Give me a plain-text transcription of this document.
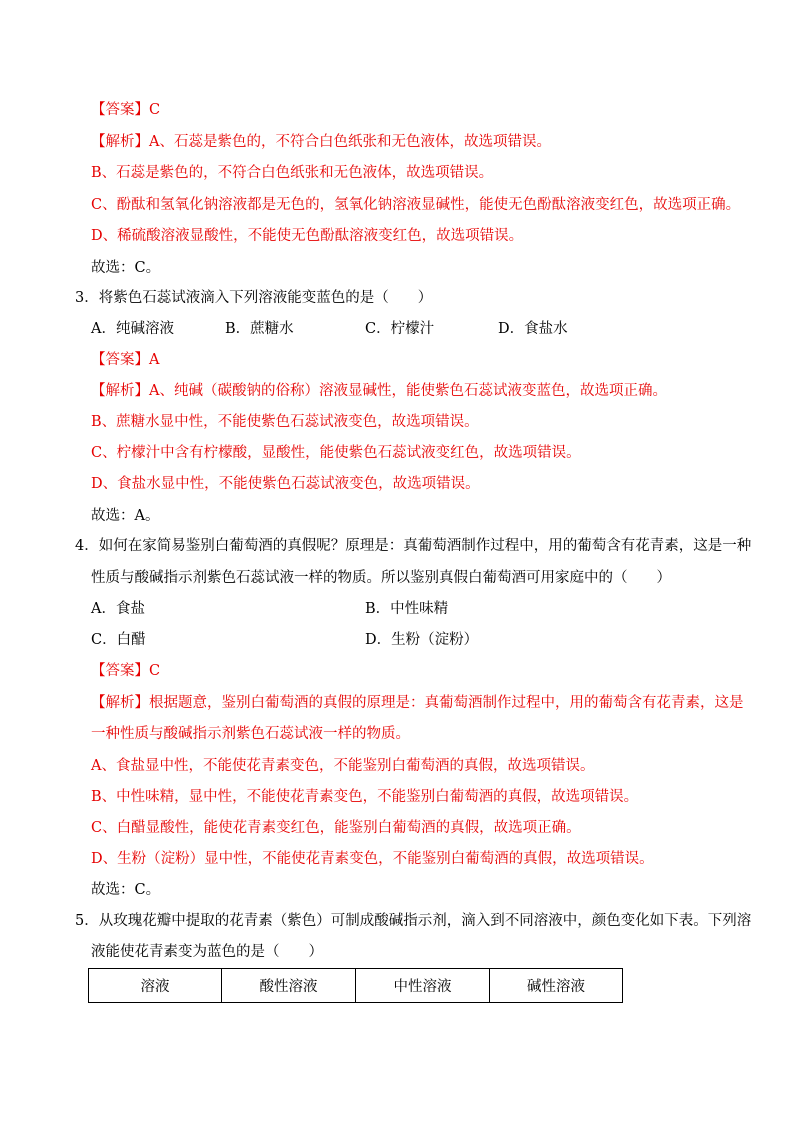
【答案】C
【解析】A、石蕊是紫色的，不符合白色纸张和无色液体，故选项错误。
B、石蕊是紫色的，不符合白色纸张和无色液体，故选项错误。
C、酚酞和氢氧化钠溶液都是无色的，氢氧化钠溶液显碱性，能使无色酚酞溶液变红色，故选项正确。
D、稀硫酸溶液显酸性，不能使无色酚酞溶液变红色，故选项错误。
故选：C。
3．将紫色石蕊试液滴入下列溶液能变蓝色的是（　　）
A．纯碱溶液	B．蔗糖水	C．柠檬汁	D．食盐水
【答案】A
【解析】A、纯碱（碳酸钠的俗称）溶液显碱性，能使紫色石蕊试液变蓝色，故选项正确。
B、蔗糖水显中性，不能使紫色石蕊试液变色，故选项错误。
C、柠檬汁中含有柠檬酸，显酸性，能使紫色石蕊试液变红色，故选项错误。
D、食盐水显中性，不能使紫色石蕊试液变色，故选项错误。
故选：A。
4．如何在家简易鉴别白葡萄酒的真假呢？原理是：真葡萄酒制作过程中，用的葡萄含有花青素，这是一种
性质与酸碱指示剂紫色石蕊试液一样的物质。所以鉴别真假白葡萄酒可用家庭中的（　　）
A．食盐	B．中性味精
C．白醋	D．生粉（淀粉）
【答案】C
【解析】根据题意，鉴别白葡萄酒的真假的原理是：真葡萄酒制作过程中，用的葡萄含有花青素，这是
一种性质与酸碱指示剂紫色石蕊试液一样的物质。
A、食盐显中性，不能使花青素变色，不能鉴别白葡萄酒的真假，故选项错误。
B、中性味精，显中性，不能使花青素变色，不能鉴别白葡萄酒的真假，故选项错误。
C、白醋显酸性，能使花青素变红色，能鉴别白葡萄酒的真假，故选项正确。
D、生粉（淀粉）显中性，不能使花青素变色，不能鉴别白葡萄酒的真假，故选项错误。
故选：C。
5．从玫瑰花瓣中提取的花青素（紫色）可制成酸碱指示剂，滴入到不同溶液中，颜色变化如下表。下列溶
液能使花青素变为蓝色的是（　　）
溶液	酸性溶液	中性溶液	碱性溶液
